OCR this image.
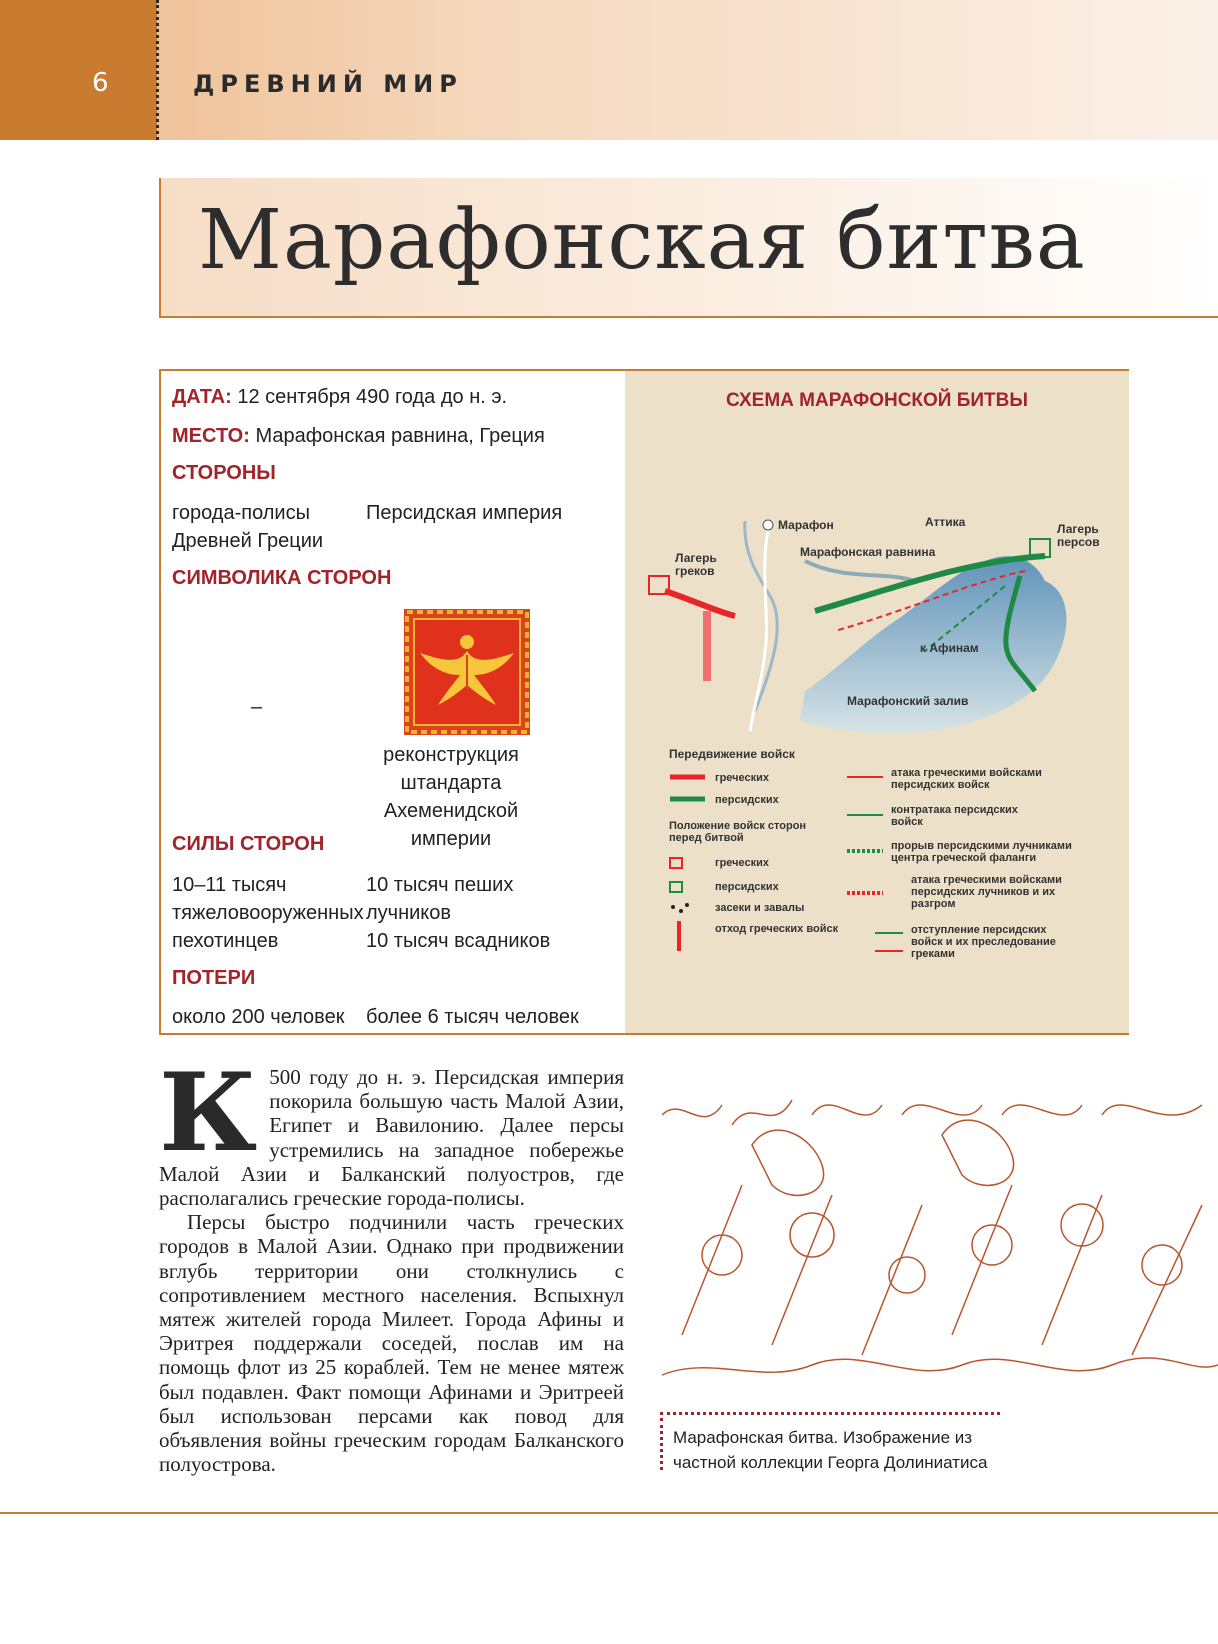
6	ДРЕВНИЙ МИР
Марафонская битва
ДАТА: 12 сентября 490 года до н. э.
МЕСТО: Марафонская равнина, Греция
СТОРОНЫ
города-полисы
Древней Греции
Персидская империя
СИМВОЛИКА СТОРОН
–
реконструкция
штандарта
Ахеменидской империи
СИЛЫ СТОРОН
10–11 тысяч
тяжеловооруженных
пехотинцев
10 тысяч пеших
лучников
10 тысяч всадников
ПОТЕРИ
около 200 человек более 6 тысяч человек
СХЕМА МАРАФОНСКОЙ БИТВЫ
Марафон	Аттика
Марафонская равнина
Лагерь
греков
Лагерь
персов
к Афинам
Марафонский залив
Передвижение войск
греческих
персидских
Положение войск сторон
перед битвой
греческих
персидских
засеки и завалы
отход греческих войск
атака греческими войсками
персидских войск
контратака персидских
войск
прорыв персидскими лучниками
центра греческой фаланги
атака греческими войсками
персидских лучников и их
разгром
отступление персидских
войск и их преследование
греками

К 500 году до н. э. Персидская империя покорила большую часть Малой Азии, Египет и Вавилонию. Далее персы устремились на западное побережье Малой Азии и Балканский полуостров, где располагались греческие города-полисы.

Персы быстро подчинили часть греческих городов в Малой Азии. Однако при продвижении вглубь территории они столкнулись с сопротивлением местного населения. Вспыхнул мятеж жителей города Милеет. Города Афины и Эритрея поддержали соседей, послав им на помощь флот из 25 кораблей. Тем не менее мятеж был подавлен. Факт помощи Афинами и Эритреей был использован персами как повод для объявления войны греческим городам Балканского полуострова.

Марафонская битва. Изображение из частной коллекции Георга Долиниатиса
